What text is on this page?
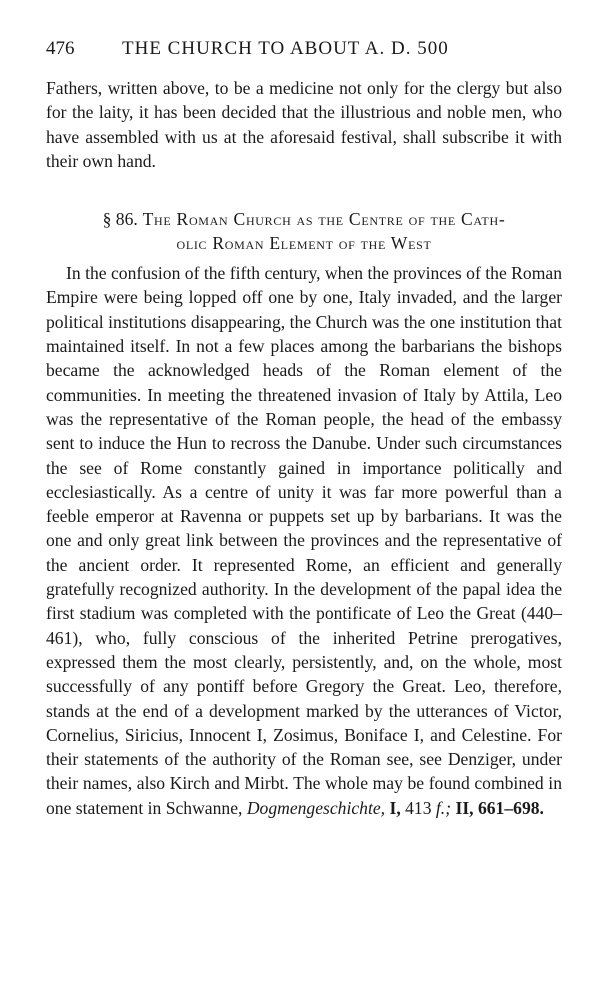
476	THE CHURCH TO ABOUT A. D. 500

Fathers, written above, to be a medicine not only for the clergy but also for the laity, it has been decided that the illustrious and noble men, who have assembled with us at the aforesaid festival, shall subscribe it with their own hand.

§ 86. The Roman Church as the Centre of the Cath-
olic Roman Element of the West

In the confusion of the fifth century, when the provinces of the Roman Empire were being lopped off one by one, Italy invaded, and the larger political institutions disappearing, the Church was the one institution that maintained itself. In not a few places among the barbarians the bishops became the acknowledged heads of the Roman element of the communities. In meeting the threatened invasion of Italy by Attila, Leo was the representative of the Roman people, the head of the embassy sent to induce the Hun to recross the Danube. Under such circumstances the see of Rome constantly gained in importance politically and ecclesiastically. As a centre of unity it was far more powerful than a feeble emperor at Ravenna or puppets set up by barbarians. It was the one and only great link between the provinces and the representative of the ancient order. It represented Rome, an efficient and generally gratefully recognized authority. In the development of the papal idea the first stadium was completed with the pontificate of Leo the Great (440–461), who, fully conscious of the inherited Petrine prerogatives, expressed them the most clearly, persistently, and, on the whole, most successfully of any pontiff before Gregory the Great. Leo, therefore, stands at the end of a development marked by the utterances of Victor, Cornelius, Siricius, Innocent I, Zosimus, Boniface I, and Celestine. For their statements of the authority of the Roman see, see Denziger, under their names, also Kirch and Mirbt. The whole may be found combined in one statement in Schwanne, Dogmengeschichte, I, 413 f.; II, 661–698.
